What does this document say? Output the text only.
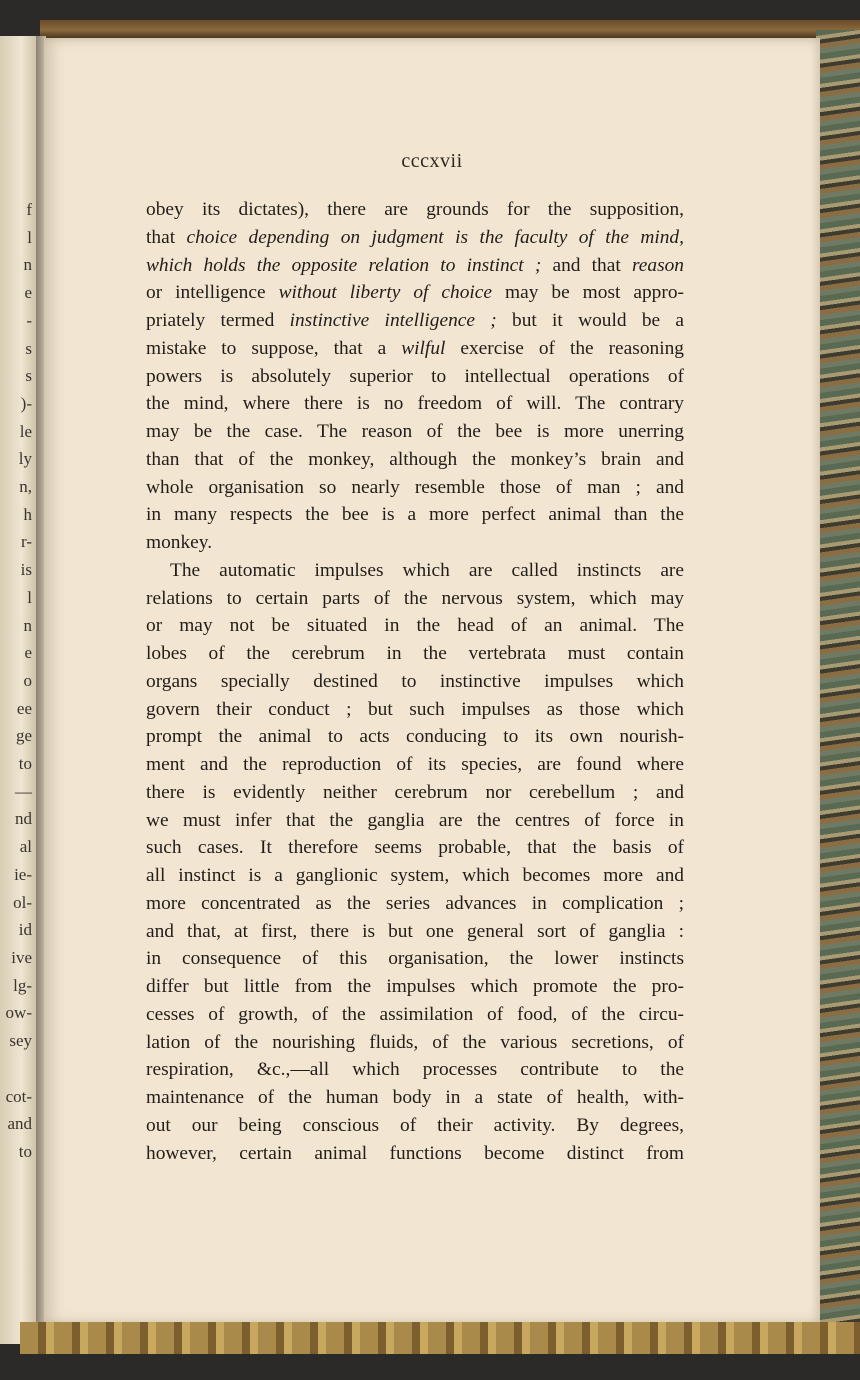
f
l
n
e
-
s
s
)-
le
ly
n,
h
r-
is
l
n
e
o
ee
ge
to
—
nd
al
ie-
ol-
id
ive
lg-
ow-
sey

cot-
and
to
cccxvii
obey its dictates), there are grounds for the supposition,
that choice depending on judgment is the faculty of the mind,
which holds the opposite relation to instinct ; and that reason
or intelligence without liberty of choice may be most appro-
priately termed instinctive intelligence ; but it would be a
mistake to suppose, that a wilful exercise of the reasoning
powers is absolutely superior to intellectual operations of
the mind, where there is no freedom of will. The contrary
may be the case. The reason of the bee is more unerring
than that of the monkey, although the monkey’s brain and
whole organisation so nearly resemble those of man ; and
in many respects the bee is a more perfect animal than the
monkey.
The automatic impulses which are called instincts are
relations to certain parts of the nervous system, which may
or may not be situated in the head of an animal. The
lobes of the cerebrum in the vertebrata must contain
organs specially destined to instinctive impulses which
govern their conduct ; but such impulses as those which
prompt the animal to acts conducing to its own nourish-
ment and the reproduction of its species, are found where
there is evidently neither cerebrum nor cerebellum ; and
we must infer that the ganglia are the centres of force in
such cases. It therefore seems probable, that the basis of
all instinct is a ganglionic system, which becomes more and
more concentrated as the series advances in complication ;
and that, at first, there is but one general sort of ganglia :
in consequence of this organisation, the lower instincts
differ but little from the impulses which promote the pro-
cesses of growth, of the assimilation of food, of the circu-
lation of the nourishing fluids, of the various secretions, of
respiration, &c.,—all which processes contribute to the
maintenance of the human body in a state of health, with-
out our being conscious of their activity. By degrees,
however, certain animal functions become distinct from
